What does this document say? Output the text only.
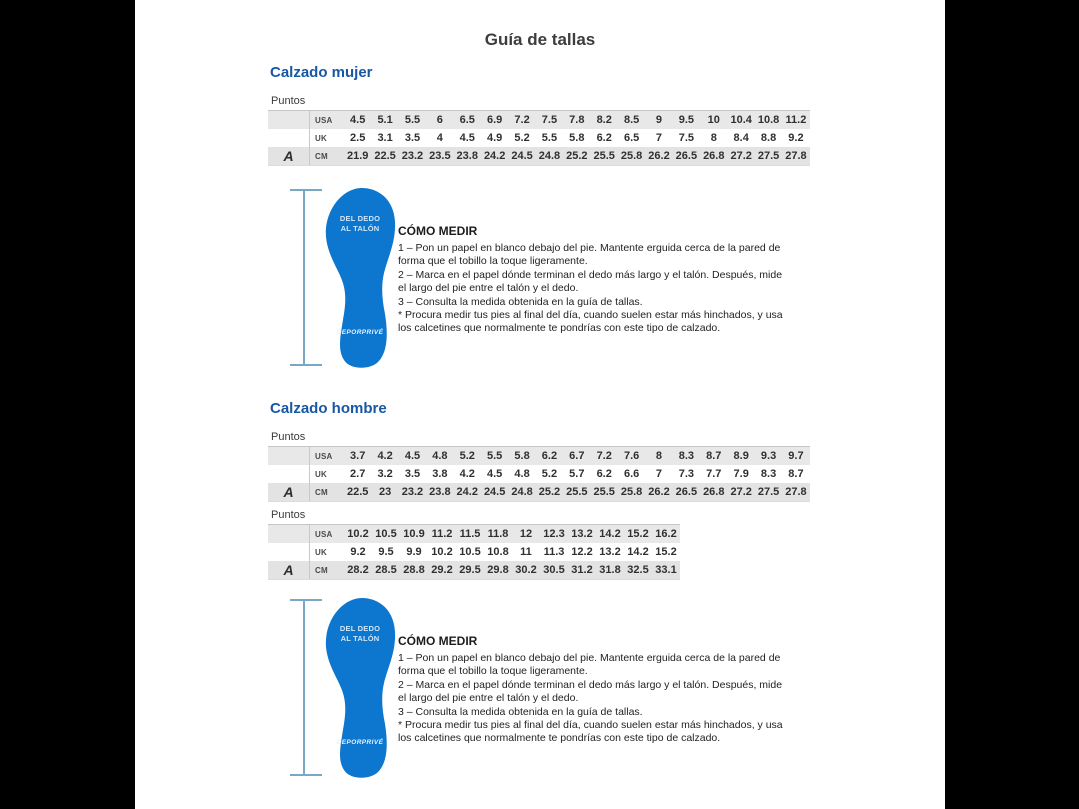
Guía de tallas
Calzado mujer
Puntos
USA	4.5	5.1	5.5	6	6.5	6.9	7.2	7.5	7.8	8.2	8.5	9	9.5	10 10.4 10.8 11.2
UK	2.5	3.1	3.5	4	4.5	4.9	5.2	5.5	5.8	6.2	6.5	7	7.5	8	8.4	8.8	9.2
A	CM	21.9 22.5 23.2 23.5 23.8 24.2 24.5 24.8 25.2 25.5 25.8 26.2 26.5 26.8 27.2 27.5 27.8
DEL DEDO
AL TALÓN
DEPORPRIVÉ
CÓMO MEDIR

1 – Pon un papel en blanco debajo del pie. Mantente erguida cerca de la pared de forma que el tobillo la toque ligeramente.

2 – Marca en el papel dónde terminan el dedo más largo y el talón. Después, mide el largo del pie entre el talón y el dedo.

3 – Consulta la medida obtenida en la guía de tallas.

* Procura medir tus pies al final del día, cuando suelen estar más hinchados, y usa los calcetines que normalmente te pondrías con este tipo de calzado.

Calzado hombre
Puntos
USA	3.7	4.2	4.5	4.8	5.2	5.5	5.8	6.2	6.7	7.2	7.6	8	8.3	8.7	8.9	9.3	9.7
UK	2.7	3.2	3.5	3.8	4.2	4.5	4.8	5.2	5.7	6.2	6.6	7	7.3	7.7	7.9	8.3	8.7
A	CM	22.5 23 23.2 23.8 24.2 24.5 24.8 25.2 25.5 25.5 25.8 26.2 26.5 26.8 27.2 27.5 27.8
Puntos
USA	10.2 10.5 10.9 11.2 11.5 11.8	12	12.3 13.2 14.2 15.2 16.2
UK	9.2	9.5	9.9 10.2 10.5 10.8	11	11.3 12.2 13.2 14.2 15.2
A	CM	28.2 28.5 28.8 29.2 29.5 29.8 30.2 30.5 31.2 31.8 32.5 33.1
DEL DEDO
AL TALÓN
DEPORPRIVÉ
CÓMO MEDIR

1 – Pon un papel en blanco debajo del pie. Mantente erguida cerca de la pared de forma que el tobillo la toque ligeramente.

2 – Marca en el papel dónde terminan el dedo más largo y el talón. Después, mide el largo del pie entre el talón y el dedo.

3 – Consulta la medida obtenida en la guía de tallas.

* Procura medir tus pies al final del día, cuando suelen estar más hinchados, y usa los calcetines que normalmente te pondrías con este tipo de calzado.
